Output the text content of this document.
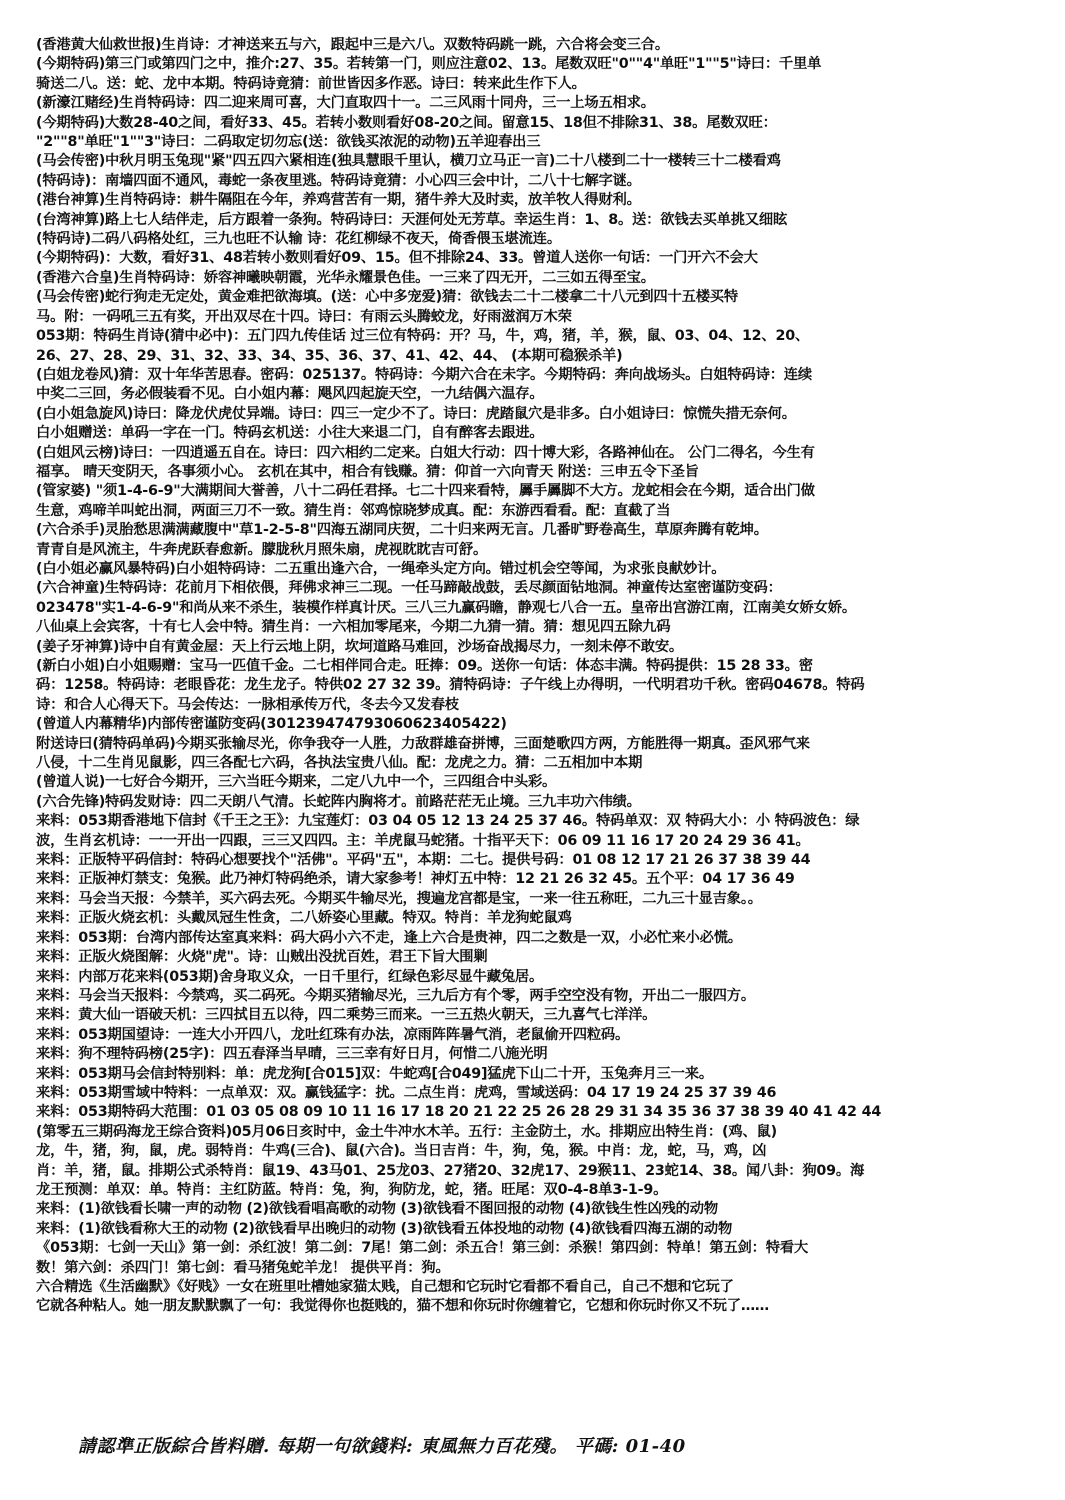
(香港黄大仙救世报)生肖诗：才神送来五与六，跟起中三是六八。双数特码跳一跳，六合将会变三合。
(今期特码)第三门或第四门之中，推介:27、35。若转第一门，则应注意02、13。尾数双旺"0""4"单旺"1""5"诗曰：千里单
骑送二八。送：蛇、龙中本期。特码诗竟猜：前世皆因多作恶。诗曰：转来此生作下人。
(新濠江赌经)生肖特码诗：四二迎来周可喜，大门直取四十一。二三风雨十同舟，三一上场五相求。
(今期特码)大数28-40之间，看好33、45。若转小数则看好08-20之间。留意15、18但不排除31、38。尾数双旺：
"2""8"单旺"1""3"诗曰：二码取定切勿忘(送：欲钱买浓泥的动物)五羊迎春出三
(马会传密)中秋月明玉兔现"紧"四五四六紧相连(独具慧眼千里认，横刀立马正一言)二十八楼到二十一楼转三十二楼看鸡
(特码诗)：南墙四面不通风，毒蛇一条夜里逃。特码诗竟猜：小心四三会中计，二八十七解字谜。
(港台神算)生肖特码诗：耕牛隔阻在今年，养鸡营苦有一期，猪牛养大及时卖，放羊牧人得财利。
(台湾神算)路上七人结伴走，后方跟着一条狗。特码诗曰：天涯何处无芳草。幸运生肖：1、8。送：欲钱去买单挑又细眩
(特码诗)二码八码格处红，三九也旺不认输 诗：花红柳绿不夜天，倚香偎玉堪流连。
(今期特码)：大数，看好31、48若转小数则看好09、15。但不排除24、33。曾道人送你一句话：一门开六不会大
(香港六合皇)生肖特码诗：娇容神曦映朝霞，光华永耀景色佳。一三来了四无开，二三如五得至宝。
(马会传密)蛇行狗走无定处，黄金难把欲海填。(送：心中多宠爱)猜：欲钱去二十二楼拿二十八元到四十五楼买特
马。附：一码吼三五有奖，开出双尽在十四。诗曰：有雨云头腾蛟龙，好雨滋润万木荣
053期：特码生肖诗(猜中必中)：五门四九传佳话 过三位有特码：开？马，牛，鸡，猪，羊，猴，鼠、03、04、12、20、
26、27、28、29、31、32、33、34、35、36、37、41、42、44、 (本期可稳猴杀羊)
(白姐龙卷风)猜：双十年华苦思春。密码：025137。特码诗：今期六合在未字。今期特码：奔向战场头。白姐特码诗：连续
中奖二三回，务必假装看不见。白小姐内幕：飓风四起旋天空，一九结偶六温存。
(白小姐急旋风)诗曰：降龙伏虎仗异端。诗曰：四三一定少不了。诗曰：虎踏鼠穴是非多。白小姐诗曰：惊慌失措无奈何。
白小姐赠送：单码一字在一门。特码玄机送：小往大来退二门，自有醉客去跟进。
(白姐风云榜)诗曰：一四逍遥五自在。诗曰：四六相约二定来。白姐大行动：四十博大彩，各路神仙在。 公门二得名，今生有
福享。 晴天变阴天，各事须小心。 玄机在其中，相合有钱赚。猜：仰首一六向青天 附送：三申五令下圣旨
(管家婆) "须1-4-6-9"大满期间大誉善，八十二码任君择。七二十四来看特，羼手羼脚不大方。龙蛇相会在今期，适合出门做
生意，鸡啼羊叫蛇出洞，两面三刀不一致。猜生肖：邻鸡惊晓梦成真。配：东游西看看。配：直截了当
(六合杀手)灵胎愁思满满藏腹中"草1-2-5-8"四海五湖同庆贺，二十归来两无言。几番旷野卷高生，草原奔腾有乾坤。
青青自是风流主，牛奔虎跃春愈新。朦胧秋月照朱扇，虎视眈眈吉可舒。
(白小姐必赢风暴特码)白小姐特码诗：二五重出逢六合，一绳牵头定方向。错过机会空等闻，为求张良献妙计。
(六合神童)生特码诗：花前月下相依偎，拜佛求神三二现。一任马蹄敲战鼓，丢尽颜面钻地洞。神童传达室密谨防变码：
023478"实1-4-6-9"和尚从来不杀生，装模作样真计厌。三八三九赢码瞻，静观七八合一五。皇帝出宫游江南，江南美女娇女娇。
八仙桌上会宾客，十有七人会中特。猜生肖：一六相加零尾来，今期二九猜一猜。猜：想见四五除九码
(姜子牙神算)诗中自有黄金屋：天上行云地上阴，坎坷道路马难回，沙场奋战揭尽力，一刻未停不敢安。
(新白小姐)白小姐赐赠：宝马一匹值千金。二七相伴同合走。旺捧：09。送你一句话：体态丰满。特码提供：15 28 33。密
码：1258。特码诗：老眼昏花：龙生龙子。特供02 27 32 39。猜特码诗：子午线上办得明，一代明君功千秋。密码04678。特码
诗：和合人心得天下。马会传达：一脉相承传万代，冬去今又发春枝
(曾道人内幕精华)内部传密谨防变码(301239474793060623405422)
附送诗曰(猜特码单码)今期买张输尽光，你争我夺一人胜，力敌群雄奋拼博，三面楚歌四方两，方能胜得一期真。歪风邪气来
八侵，十二生肖见鼠影，四三各配七六码，各执法宝贵八仙。配：龙虎之力。猜：二五相加中本期
(曾道人说)一七好合今期开，三六当旺今期来，二定八九中一个，三四组合中头彩。
(六合先锋)特码发财诗：四二天朗八气清。长蛇阵内胸将才。前路茫茫无止境。三九丰功六伟绩。
来料：053期香港地下信封《千王之王》：九宝莲灯：03 04 05 12 13 24 25 37 46。特码单双：双 特码大小：小 特码波色：绿
波，生肖玄机诗：一一开出一四跟，三三又四四。主：羊虎鼠马蛇猪。十指平天下：06 09 11 16 17 20 24 29 36 41。
来料：正版特平码信封：特码心想要找个"活佛"。平码"五"，本期：二七。提供号码：01 08 12 17 21 26 37 38 39 44
来料：正版神灯禁支：兔猴。此乃神灯特码绝杀，请大家参考！神灯五中特：12 21 26 32 45。五个平：04 17 36 49
来料：马会当天报：今禁羊，买六码去死。今期买牛输尽光，搜遍龙宫都是宝，一来一往五称旺，二九三十显吉象。。
来料：正版火烧玄机：头戴凤冠生性贪，二八娇姿心里藏。特双。特肖：羊龙狗蛇鼠鸡
来料：053期：台湾内部传达室真来料：码大码小六不走，逢上六合是贵神，四二之数是一双，小必忙来小必慌。
来料：正版火烧图解：火烧"虎"。诗：山贼出没扰百姓，君王下旨大围剿
来料：内部万花来料(053期)舍身取义众，一日千里行，红绿色彩尽显牛藏兔居。
来料：马会当天报料：今禁鸡，买二码死。今期买猪输尽光，三九后方有个零，两手空空没有物，开出二一服四方。
来料：黄大仙一语破天机：三四拭目五以待，四二乘势三而来。一三五热火朝天，三九喜气七洋洋。
来料：053期国望诗：一连大小开四八，龙吐红珠有办法，凉雨阵阵暑气消，老鼠偷开四粒码。
来料：狗不理特码榜(25字)：四五春泽当早晴，三三幸有好日月，何惜二八施光明
来料：053期马会信封特别料：单：虎龙狗[合015]双：牛蛇鸡[合049]猛虎下山二十开，玉兔奔月三一来。
来料：053期雪域中特料：一点单双：双。赢钱猛字：扰。二点生肖：虎鸡，雪域送码：04 17 19 24 25 37 39 46
来料：053期特码大范围：01 03 05 08 09 10 11 16 17 18 20 21 22 25 26 28 29 31 34 35 36 37 38 39 40 41 42 44
(第零五三期码海龙王综合资料)05月06日亥时中，金土牛冲水木羊。五行：主金防土，水。排期应出特生肖：(鸡、鼠)
龙，牛，猪，狗，鼠，虎。弱特肖：牛鸡(三合)、鼠(六合)。当日吉肖：牛，狗，兔，猴。中肖：龙，蛇，马，鸡，凶
肖：羊，猪，鼠。排期公式杀特肖：鼠19、43马01、25龙03、27猪20、32虎17、29猴11、23蛇14、38。闻八卦：狗09。海
龙王预测：单双：单。特肖：主红防蓝。特肖：兔，狗，狗防龙，蛇，猪。旺尾：双0-4-8单3-1-9。
来料：(1)欲钱看长啸一声的动物 (2)欲钱看唱高歌的动物 (3)欲钱看不图回报的动物 (4)欲钱生性凶残的动物
来料：(1)欲钱看称大王的动物 (2)欲钱看早出晚归的动物 (3)欲钱看五体投地的动物 (4)欲钱看四海五湖的动物
《053期：七剑一天山》第一剑：杀红波！第二剑：7尾！第二剑：杀五合！第三剑：杀猴！第四剑：特单！第五剑：特看大
数！第六剑：杀四门！第七剑：看马猪兔蛇羊龙！ 提供平肖：狗。
六合精选《生活幽默》《好贱》一女在班里吐槽她家猫太贱，自己想和它玩时它看都不看自己，自己不想和它玩了
它就各种粘人。她一朋友默默飘了一句：我觉得你也挺贱的，猫不想和你玩时你缠着它，它想和你玩时你又不玩了……
請認準正版綜合皆料贈. 每期一句欲錢料: 東風無力百花殘。 平碼: 01-40
